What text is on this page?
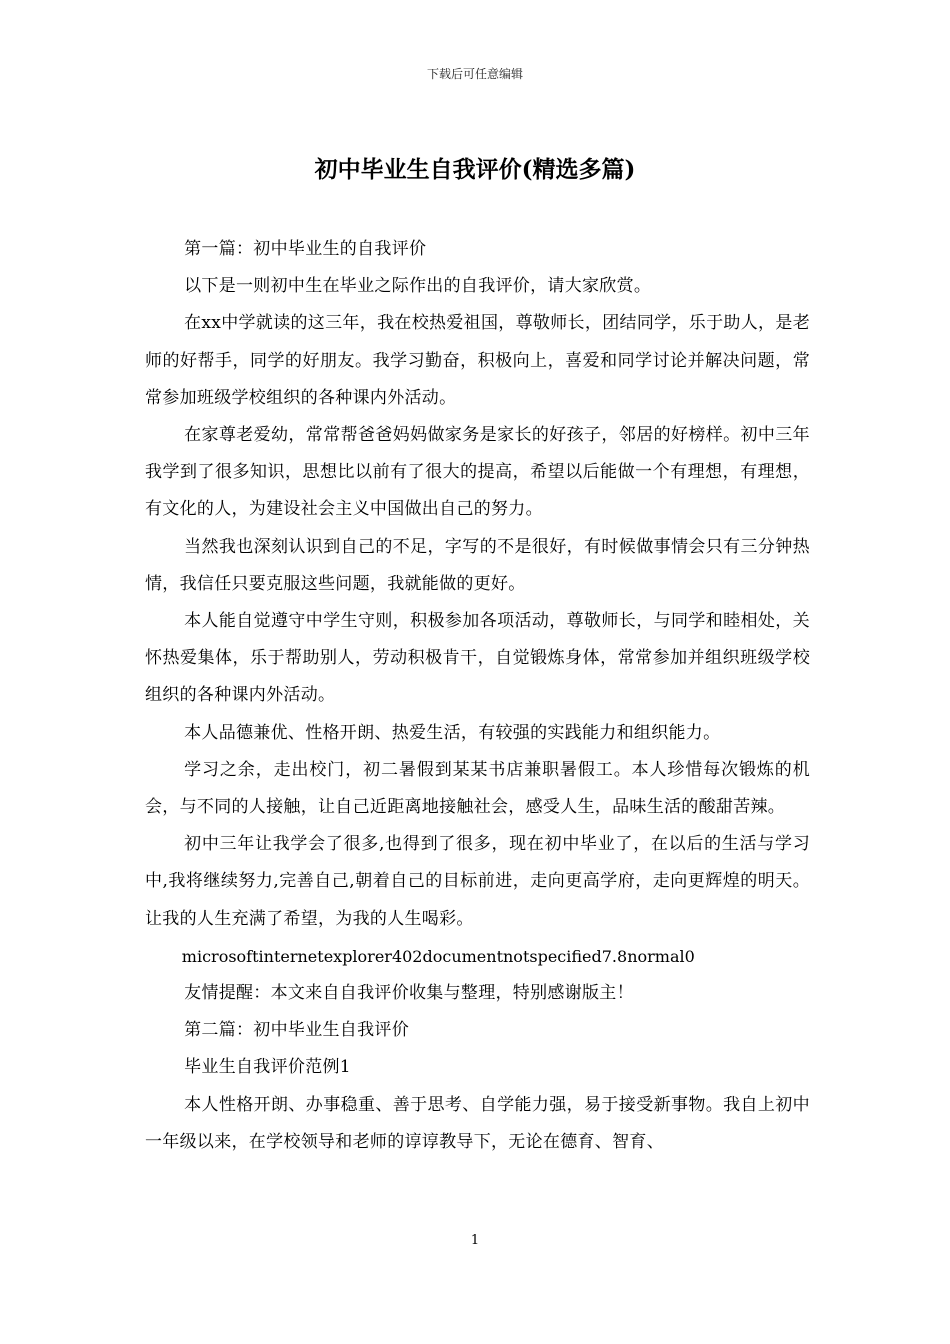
下载后可任意编辑
初中毕业生自我评价(精选多篇)

第一篇：初中毕业生的自我评价

以下是一则初中生在毕业之际作出的自我评价，请大家欣赏。

在xx中学就读的这三年，我在校热爱祖国，尊敬师长，团结同学，乐于助人，是老师的好帮手，同学的好朋友。我学习勤奋，积极向上，喜爱和同学讨论并解决问题，常常参加班级学校组织的各种课内外活动。

在家尊老爱幼，常常帮爸爸妈妈做家务是家长的好孩子，邻居的好榜样。初中三年我学到了很多知识，思想比以前有了很大的提高，希望以后能做一个有理想，有理想，有文化的人，为建设社会主义中国做出自己的努力。

当然我也深刻认识到自己的不足，字写的不是很好，有时候做事情会只有三分钟热情，我信任只要克服这些问题，我就能做的更好。

本人能自觉遵守中学生守则，积极参加各项活动，尊敬师长，与同学和睦相处，关怀热爱集体，乐于帮助别人，劳动积极肯干，自觉锻炼身体，常常参加并组织班级学校组织的各种课内外活动。

本人品德兼优、性格开朗、热爱生活，有较强的实践能力和组织能力。

学习之余，走出校门，初二暑假到某某书店兼职暑假工。本人珍惜每次锻炼的机会，与不同的人接触，让自己近距离地接触社会，感受人生，品味生活的酸甜苦辣。

初中三年让我学会了很多,也得到了很多，现在初中毕业了，在以后的生活与学习中,我将继续努力,完善自己,朝着自己的目标前进，走向更高学府，走向更辉煌的明天。让我的人生充满了希望，为我的人生喝彩。

microsoftinternetexplorer402documentnotspecified7.8normal0

友情提醒：本文来自自我评价收集与整理，特别感谢版主！

第二篇：初中毕业生自我评价

毕业生自我评价范例1

本人性格开朗、办事稳重、善于思考、自学能力强，易于接受新事物。我自上初中一年级以来，在学校领导和老师的谆谆教导下，无论在德育、智育、

1
